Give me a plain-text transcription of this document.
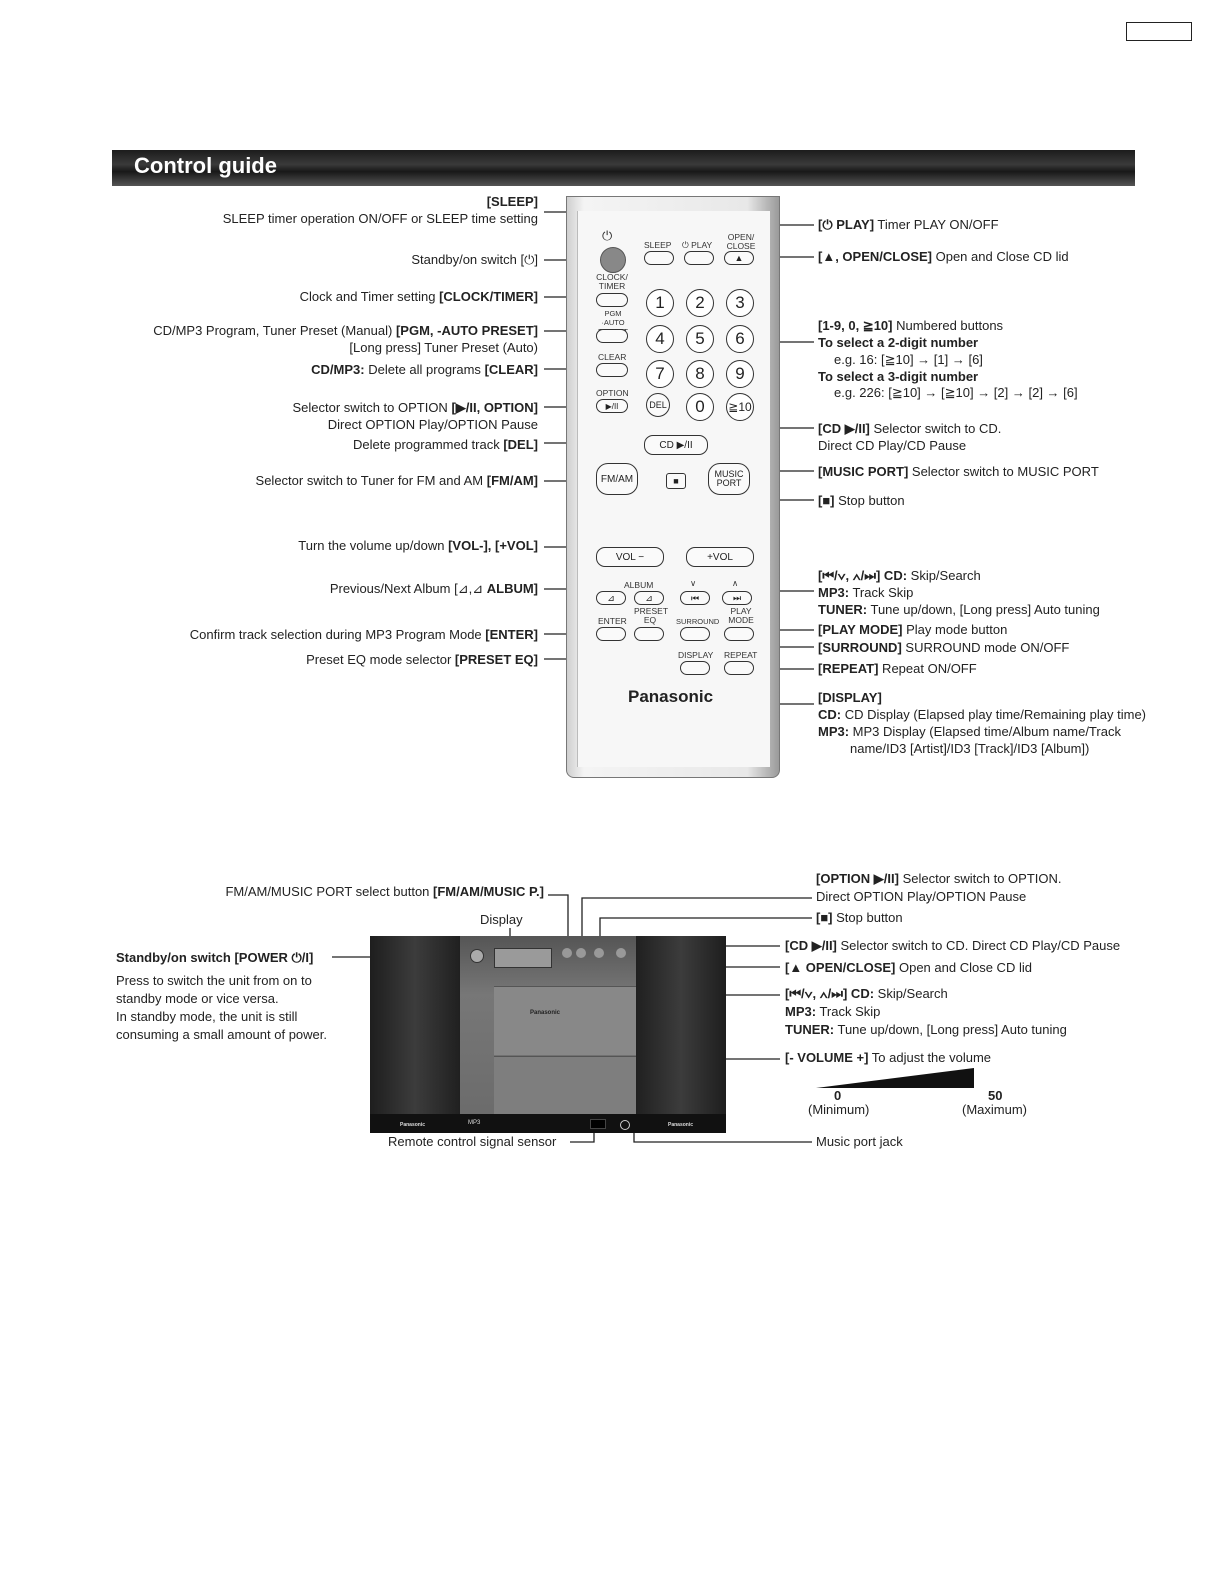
Control guide
[SLEEP]
SLEEP timer operation ON/OFF or SLEEP time setting
Standby/on switch [⏻]
Clock and Timer setting [CLOCK/TIMER]
CD/MP3 Program, Tuner Preset (Manual) [PGM, -AUTO PRESET]
[Long press] Tuner Preset (Auto)
CD/MP3: Delete all programs [CLEAR]
Selector switch to OPTION [▶/II, OPTION]
Direct OPTION Play/OPTION Pause
Delete programmed track [DEL]
Selector switch to Tuner for FM and AM [FM/AM]
Turn the volume up/down [VOL-], [+VOL]
Previous/Next Album [⊿,⊿ ALBUM]
Confirm track selection during MP3 Program Mode [ENTER]
Preset EQ mode selector [PRESET EQ]
[⏻ PLAY] Timer PLAY ON/OFF
[▲, OPEN/CLOSE] Open and Close CD lid
[1-9, 0, ≧10] Numbered buttons
To select a 2-digit number
e.g. 16: [≧10] → [1] → [6]
To select a 3-digit number
e.g. 226: [≧10] → [≧10] → [2] → [2] → [6]
[CD ▶/II] Selector switch to CD.
Direct CD Play/CD Pause
[MUSIC PORT] Selector switch to MUSIC PORT
[■] Stop button
[⏮/∨, ∧/⏭] CD: Skip/Search
MP3: Track Skip
TUNER: Tune up/down, [Long press] Auto tuning
[PLAY MODE] Play mode button
[SURROUND] SURROUND mode ON/OFF
[REPEAT] Repeat ON/OFF
[DISPLAY]
CD: CD Display (Elapsed play time/Remaining play time)
MP3: MP3 Display (Elapsed time/Album name/Track
name/ID3 [Artist]/ID3 [Track]/ID3 [Album])
⏻
SLEEP ⏻ PLAY
OPEN/ CLOSE
▲
CLOCK/ TIMER
PGM ·AUTO
CLEAR
OPTION
▶/II	DEL
1	2	3
4	5	6
7	8	9
0	≧10
CD ▶/II
FM/AM	■
MUSIC PORT
VOL −	+VOL
ALBUM
⊿	⊿
∨	∧
⏮	⏭
ENTER
PRESET EQ	SURROUND
PLAY MODE
DISPLAY REPEAT
Panasonic
FM/AM/MUSIC PORT select button [FM/AM/MUSIC P.]
Display
Standby/on switch [POWER ⏻/I]
Press to switch the unit from on to
standby mode or vice versa.
In standby mode, the unit is still
consuming a small amount of power.
Remote control signal sensor
[OPTION ▶/II] Selector switch to OPTION.
Direct OPTION Play/OPTION Pause
[■] Stop button
[CD ▶/II] Selector switch to CD. Direct CD Play/CD Pause
[▲ OPEN/CLOSE] Open and Close CD lid
[⏮/∨, ∧/⏭] CD: Skip/Search
MP3: Track Skip
TUNER: Tune up/down, [Long press] Auto tuning
[- VOLUME +] To adjust the volume
0	50
(Minimum)	(Maximum)
Music port jack
Panasonic
Panasonic	Panasonic
MP3
